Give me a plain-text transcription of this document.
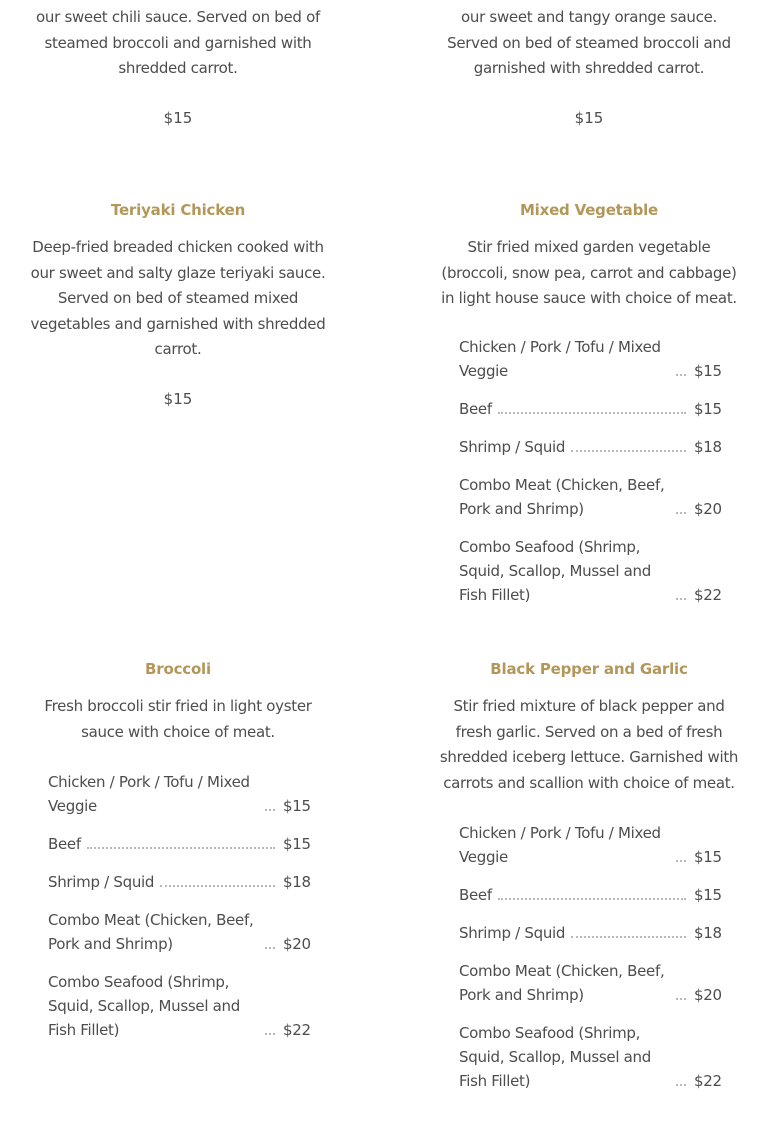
our sweet chili sauce. Served on bed of steamed broccoli and garnished with shredded carrot.

$15

our sweet and tangy orange sauce. Served on bed of steamed broccoli and garnished with shredded carrot.

$15
Teriyaki Chicken

Deep-fried breaded chicken cooked with our sweet and salty glaze teriyaki sauce. Served on bed of steamed mixed vegetables and garnished with shredded carrot.

$15
Mixed Vegetable

Stir fried mixed garden vegetable (broccoli, snow pea, carrot and cabbage) in light house sauce with choice of meat.

Chicken / Pork / Tofu / Mixed Veggie	$15
Beef	$15
Shrimp / Squid	$18
Combo Meat (Chicken, Beef, Pork and Shrimp)	$20
Combo Seafood (Shrimp, Squid, Scallop, Mussel and Fish Fillet)	$22
Broccoli

Fresh broccoli stir fried in light oyster sauce with choice of meat.

Chicken / Pork / Tofu / Mixed Veggie	$15
Beef	$15
Shrimp / Squid	$18
Combo Meat (Chicken, Beef, Pork and Shrimp)	$20
Combo Seafood (Shrimp, Squid, Scallop, Mussel and Fish Fillet)	$22
Black Pepper and Garlic

Stir fried mixture of black pepper and fresh garlic. Served on a bed of fresh shredded iceberg lettuce. Garnished with carrots and scallion with choice of meat.

Chicken / Pork / Tofu / Mixed Veggie	$15
Beef	$15
Shrimp / Squid	$18
Combo Meat (Chicken, Beef, Pork and Shrimp)	$20
Combo Seafood (Shrimp, Squid, Scallop, Mussel and Fish Fillet)	$22
